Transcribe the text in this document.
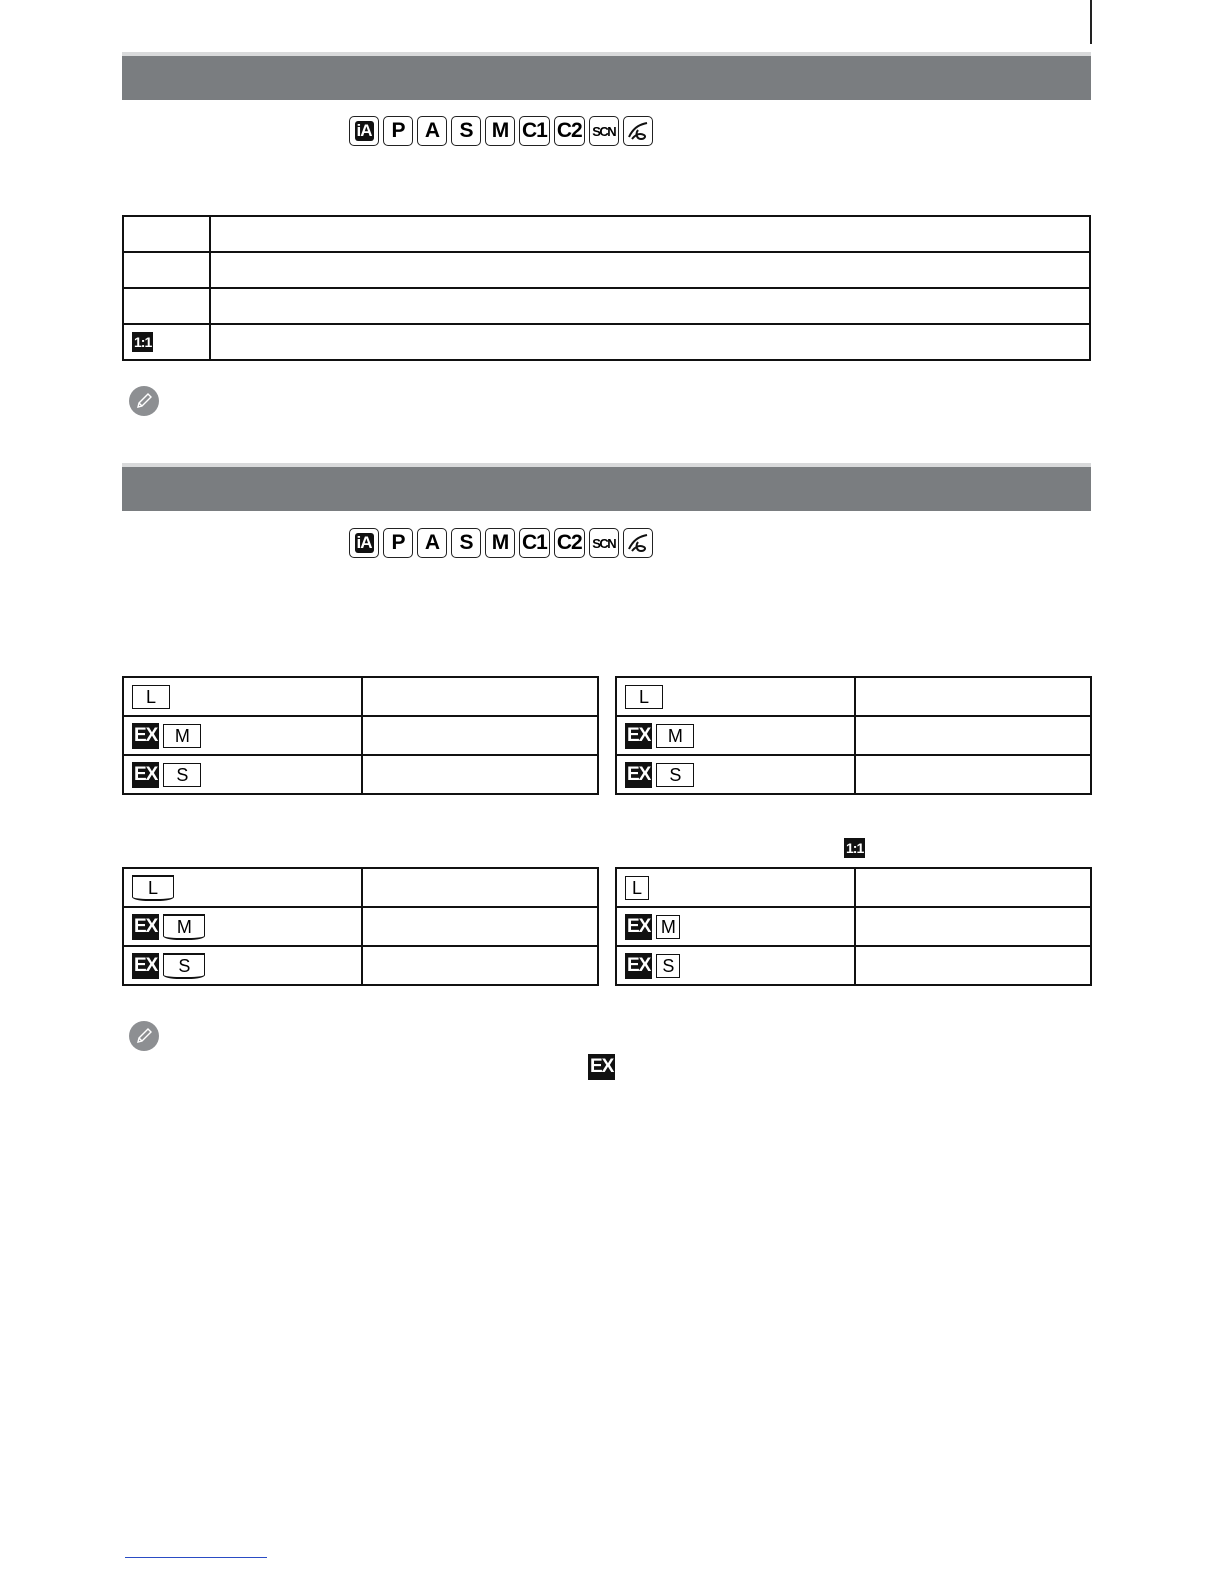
iA P A S M C1 C2 SCN

1:1	
iA P A S M C1 C2 SCN
L	
EX M	
EX S	
L	
EX M	
EX S	
1:1
L	
EX M	
EX S	
L	
EX M	
EX S	
EX
